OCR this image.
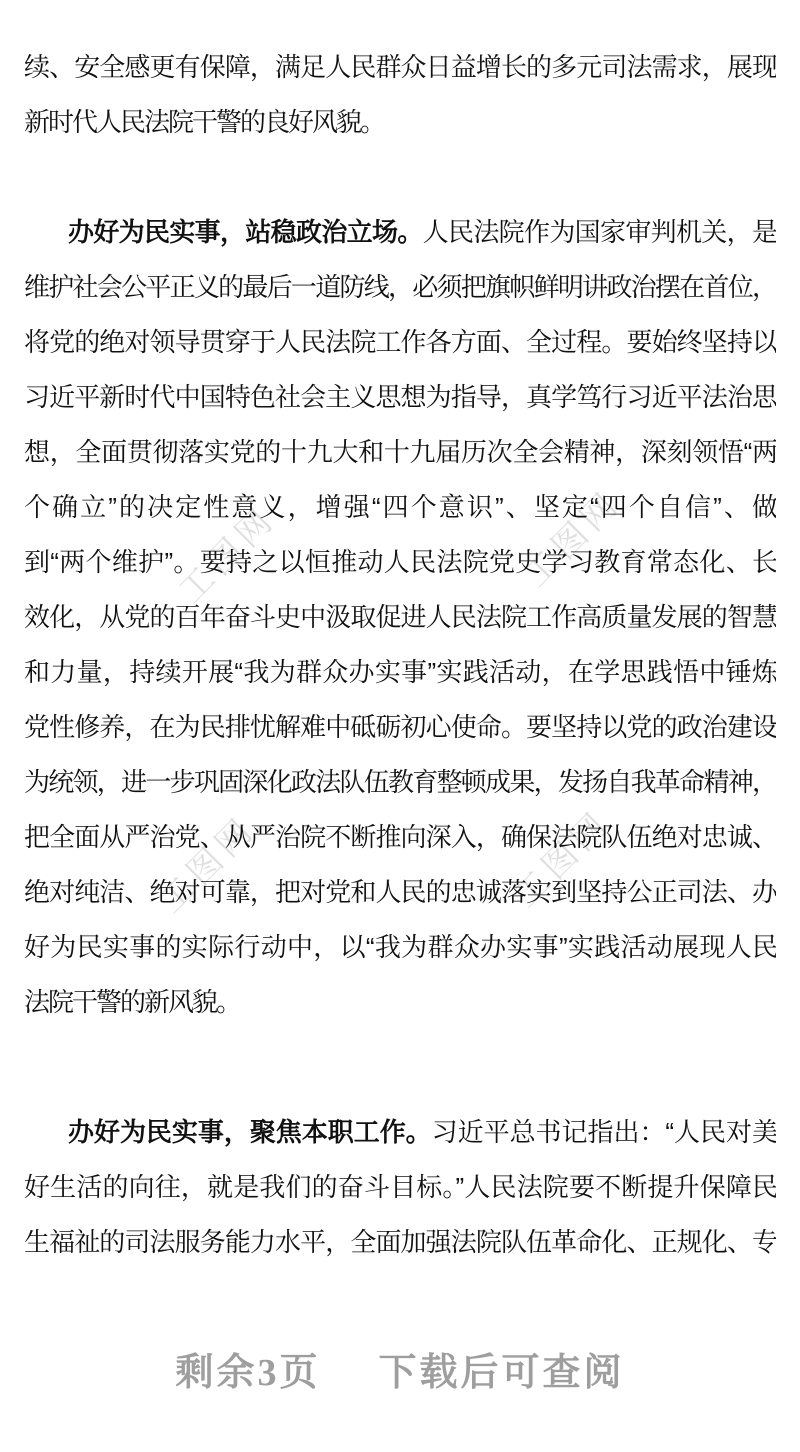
工图网	工图网
工图网	工图网
续、安全感更有保障，满足人民群众日益增长的多元司法需求，展现
新时代人民法院干警的良好风貌。
办好为民实事，站稳政治立场。人民法院作为国家审判机关，是
维护社会公平正义的最后一道防线，必须把旗帜鲜明讲政治摆在首位，
将党的绝对领导贯穿于人民法院工作各方面、全过程。要始终坚持以
习近平新时代中国特色社会主义思想为指导，真学笃行习近平法治思
想，全面贯彻落实党的十九大和十九届历次全会精神，深刻领悟“两
个确立”的决定性意义，增强“四个意识”、坚定“四个自信”、做
到“两个维护”。要持之以恒推动人民法院党史学习教育常态化、长
效化，从党的百年奋斗史中汲取促进人民法院工作高质量发展的智慧
和力量，持续开展“我为群众办实事”实践活动，在学思践悟中锤炼
党性修养，在为民排忧解难中砥砺初心使命。要坚持以党的政治建设
为统领，进一步巩固深化政法队伍教育整顿成果，发扬自我革命精神，
把全面从严治党、从严治院不断推向深入，确保法院队伍绝对忠诚、
绝对纯洁、绝对可靠，把对党和人民的忠诚落实到坚持公正司法、办
好为民实事的实际行动中，以“我为群众办实事”实践活动展现人民
法院干警的新风貌。
办好为民实事，聚焦本职工作。习近平总书记指出：“人民对美
好生活的向往，就是我们的奋斗目标。”人民法院要不断提升保障民
生福祉的司法服务能力水平，全面加强法院队伍革命化、正规化、专
剩余3页 下载后可查阅
